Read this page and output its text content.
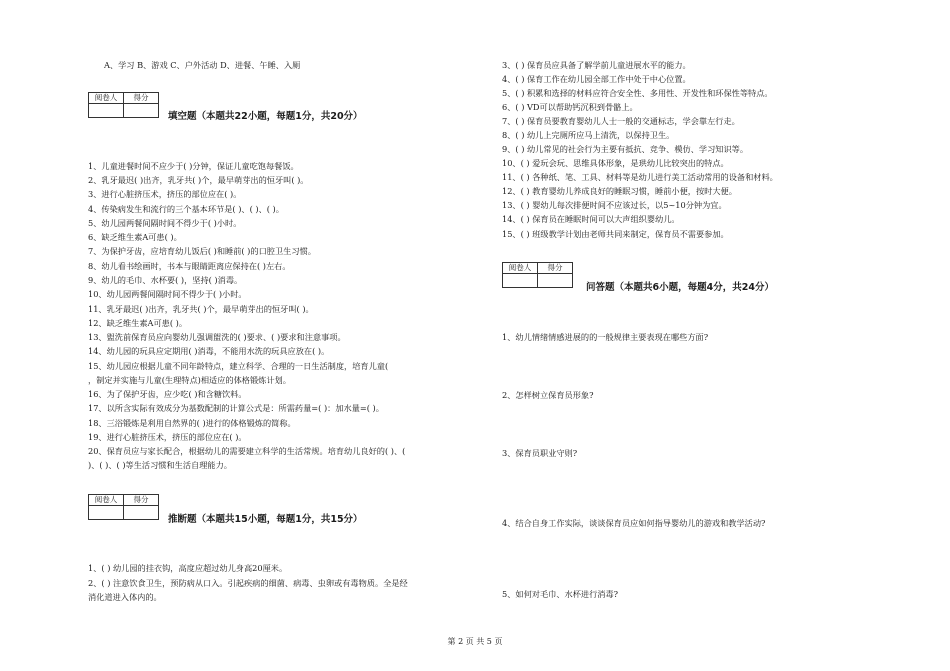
A、学习 B、游戏 C、户外活动 D、进餐、午睡、入厕
阅卷人	得分

填空题（本题共22小题，每题1分，共20分）
1、儿童进餐时间不应少于( )分钟，保证儿童吃饱每餐饭。
2、乳牙最迟( )出齐，乳牙共( )个，最早萌芽出的恒牙叫( )。
3、进行心脏挤压术，挤压的部位应在( )。
4、传染病发生和流行的三个基本环节是( )、( )、( )。
5、幼儿园两餐间隔时间不得少于( )小时。
6、缺乏维生素A可患( )。
7、为保护牙齿，应培育幼儿饭后( )和睡前( )的口腔卫生习惯。
8、幼儿看书绘画时，书本与眼睛距离应保持在( )左右。
9、幼儿的毛巾、水杯要( )，坚持( )消毒。
10、幼儿园两餐间隔时间不得少于( )小时。
11、乳牙最迟( )出齐，乳牙共( )个，最早萌芽出的恒牙叫( )。
12、缺乏维生素A可患( )。
13、盥洗前保育员应向婴幼儿强调盥洗的( )要求、( )要求和注意事项。
14、幼儿园的玩具应定期用( )消毒，不能用水洗的玩具应放在( )。
15、幼儿园应根据儿童不同年龄特点，建立科学、合理的一日生活制度，培育儿童(
，制定并实施与儿童(生理特点)相适应的体格锻炼计划。
16、为了保护牙齿，应少吃( )和含糖饮料。
17、以所含实际有效成分为基数配制的计算公式是：所需药量=( )：加水量=( )。
18、三浴锻炼是利用自然界的( )进行的体格锻炼的简称。
19、进行心脏挤压术，挤压的部位应在( )。
20、保育员应与家长配合，根据幼儿的需要建立科学的生活常规。培育幼儿良好的( )、(
)、( )、( )等生活习惯和生活自理能力。
阅卷人	得分

推断题（本题共15小题，每题1分，共15分）
1、( ) 幼儿园的挂衣钩，高度应超过幼儿身高20厘米。
2、( ) 注意饮食卫生，预防病从口入。引起疾病的细菌、病毒、虫卵或有毒物质。全是经
消化道进入体内的。
3、( ) 保育员应具备了解学前儿童进展水平的能力。
4、( ) 保育工作在幼儿园全部工作中处于中心位置。
5、( ) 积累和选择的材料应符合安全性、多用性、开发性和环保性等特点。
6、( ) VD可以帮助钙沉积到骨骼上。
7、( ) 保育员要教育婴幼儿人士一般的交通标志，学会靠左行走。
8、( ) 幼儿上完厕所应马上清洗，以保持卫生。
9、( ) 幼儿常见的社会行为主要有抵抗、竞争、模仿、学习知识等。
10、( ) 爱玩会玩、思维具体形象，是珙幼儿比较突出的特点。
11、( ) 各种纸、笔、工具、材料等是幼儿进行美工活动常用的设备和材料。
12、( ) 教育婴幼儿养成良好的睡眠习惯，睡前小便，按时大便。
13、( ) 婴幼儿每次排便时间不应该过长，以5~10分钟为宜。
14、( ) 保育员在睡眠时间可以大声组织婴幼儿。
15、( ) 班级教学计划由老师共同来制定，保育员不需要参加。
阅卷人	得分

问答题（本题共6小题，每题4分，共24分）
1、幼儿情绪情感进展的的一般规律主要表现在哪些方面?
2、怎样树立保育员形象?
3、保育员职业守则?
4、结合自身工作实际，谈谈保育员应如何指导婴幼儿的游戏和教学活动?
5、如何对毛巾、水杯进行消毒?
第 2 页 共 5 页
